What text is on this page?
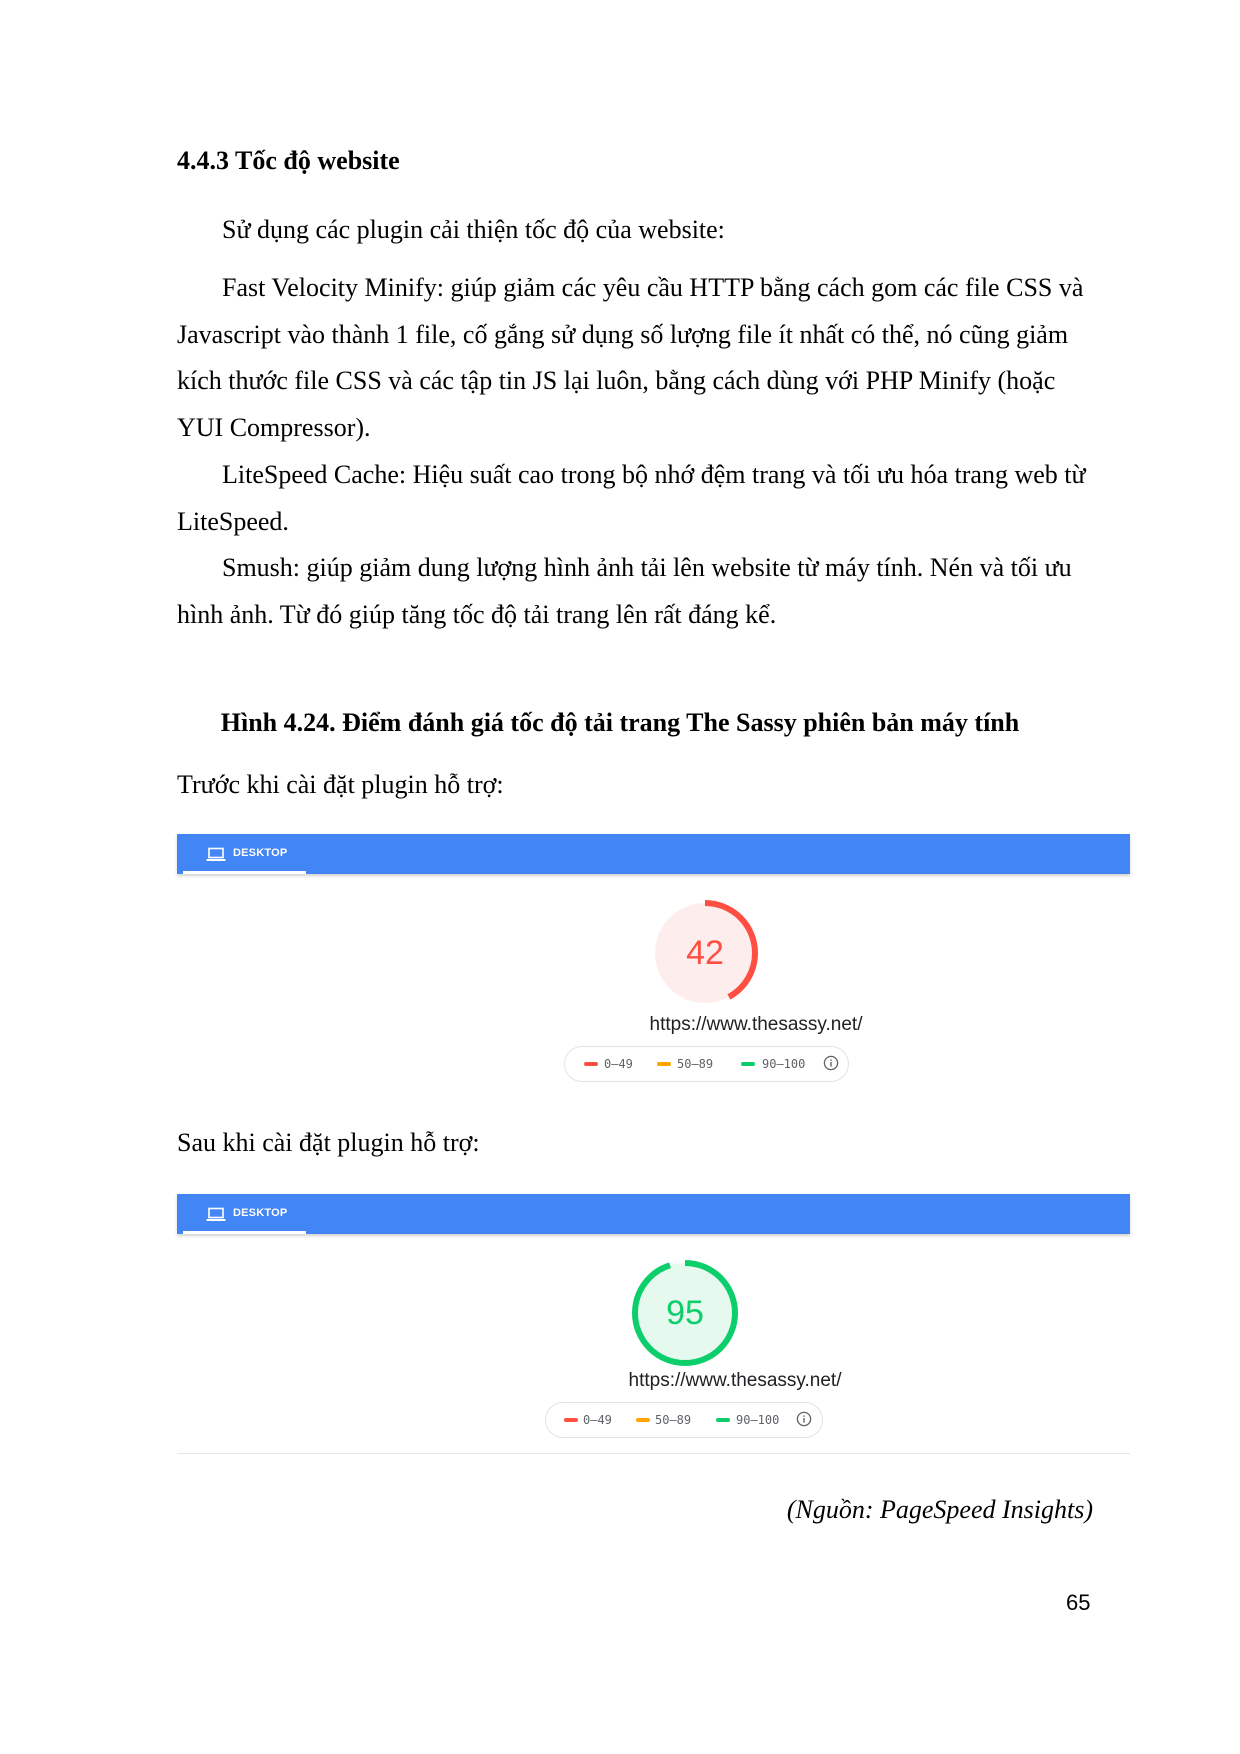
4.4.3 Tốc độ website

Sử dụng các plugin cải thiện tốc độ của website:

Fast Velocity Minify: giúp giảm các yêu cầu HTTP bằng cách gom các file CSS và Javascript vào thành 1 file, cố gắng sử dụng số lượng file ít nhất có thể, nó cũng giảm kích thước file CSS và các tập tin JS lại luôn, bằng cách dùng với PHP Minify (hoặc YUI Compressor).

LiteSpeed Cache: Hiệu suất cao trong bộ nhớ đệm trang và tối ưu hóa trang web từ LiteSpeed.

Smush: giúp giảm dung lượng hình ảnh tải lên website từ máy tính. Nén và tối ưu hình ảnh. Từ đó giúp tăng tốc độ tải trang lên rất đáng kể.

Hình 4.24. Điểm đánh giá tốc độ tải trang The Sassy phiên bản máy tính

Trước khi cài đặt plugin hỗ trợ:

DESKTOP
42
https://www.thesassy.net/
0–49	50–89	90–100

Sau khi cài đặt plugin hỗ trợ:

DESKTOP
95
https://www.thesassy.net/
0–49	50–89	90–100

(Nguồn: PageSpeed Insights)

65
